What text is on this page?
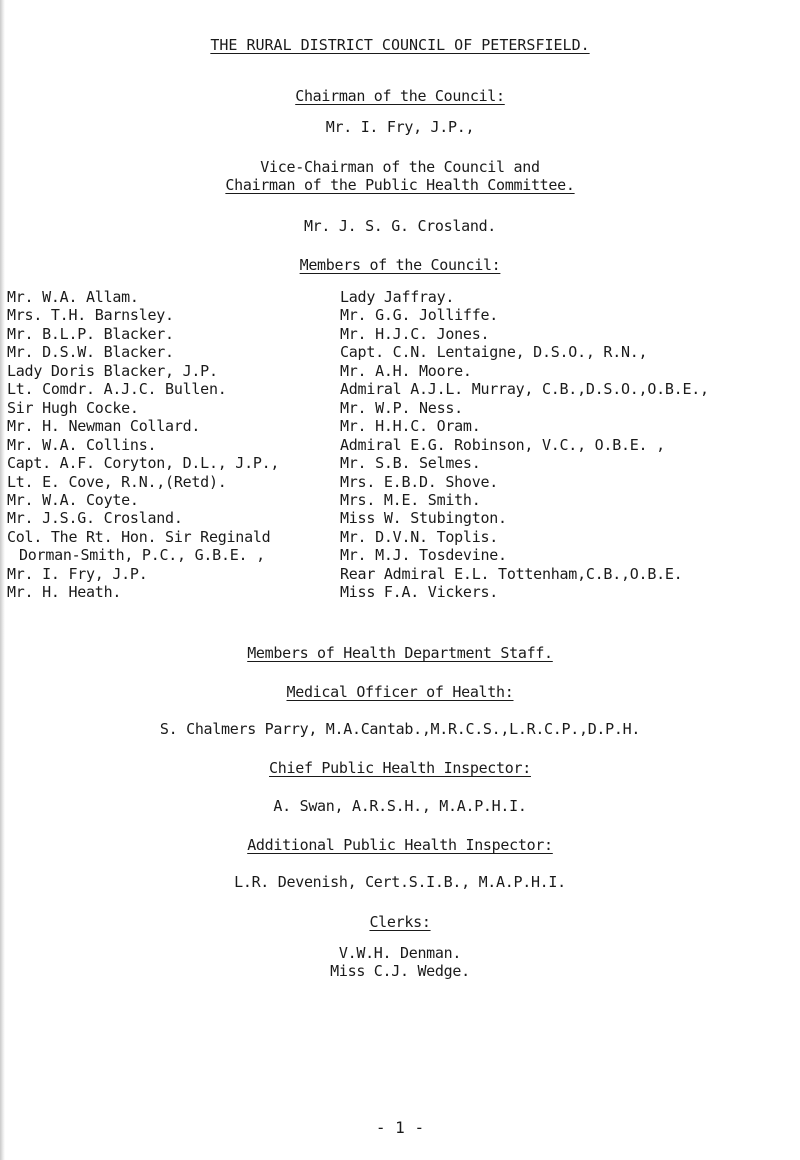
THE RURAL DISTRICT COUNCIL OF PETERSFIELD.
Chairman of the Council:
Mr. I. Fry, J.P.,
Vice-Chairman of the Council and
Chairman of the Public Health Committee.
Mr. J. S. G. Crosland.
Members of the Council:
Mr. W.A. Allam.
Mrs. T.H. Barnsley.
Mr. B.L.P. Blacker.
Mr. D.S.W. Blacker.
Lady Doris Blacker, J.P.
Lt. Comdr. A.J.C. Bullen.
Sir Hugh Cocke.
Mr. H. Newman Collard.
Mr. W.A. Collins.
Capt. A.F. Coryton, D.L., J.P.,
Lt. E. Cove, R.N.,(Retd).
Mr. W.A. Coyte.
Mr. J.S.G. Crosland.
Col. The Rt. Hon. Sir Reginald
Dorman-Smith, P.C., G.B.E. ,
Mr. I. Fry, J.P.
Mr. H. Heath.
Lady Jaffray.
Mr. G.G. Jolliffe.
Mr. H.J.C. Jones.
Capt. C.N. Lentaigne, D.S.O., R.N.,
Mr. A.H. Moore.
Admiral A.J.L. Murray, C.B.,D.S.O.,O.B.E.,
Mr. W.P. Ness.
Mr. H.H.C. Oram.
Admiral E.G. Robinson, V.C., O.B.E. ,
Mr. S.B. Selmes.
Mrs. E.B.D. Shove.
Mrs. M.E. Smith.
Miss W. Stubington.
Mr. D.V.N. Toplis.
Mr. M.J. Tosdevine.
Rear Admiral E.L. Tottenham,C.B.,O.B.E.
Miss F.A. Vickers.
Members of Health Department Staff.
Medical Officer of Health:
S. Chalmers Parry, M.A.Cantab.,M.R.C.S.,L.R.C.P.,D.P.H.
Chief Public Health Inspector:
A. Swan, A.R.S.H., M.A.P.H.I.
Additional Public Health Inspector:
L.R. Devenish, Cert.S.I.B., M.A.P.H.I.
Clerks:
V.W.H. Denman.
Miss C.J. Wedge.
- 1 -
